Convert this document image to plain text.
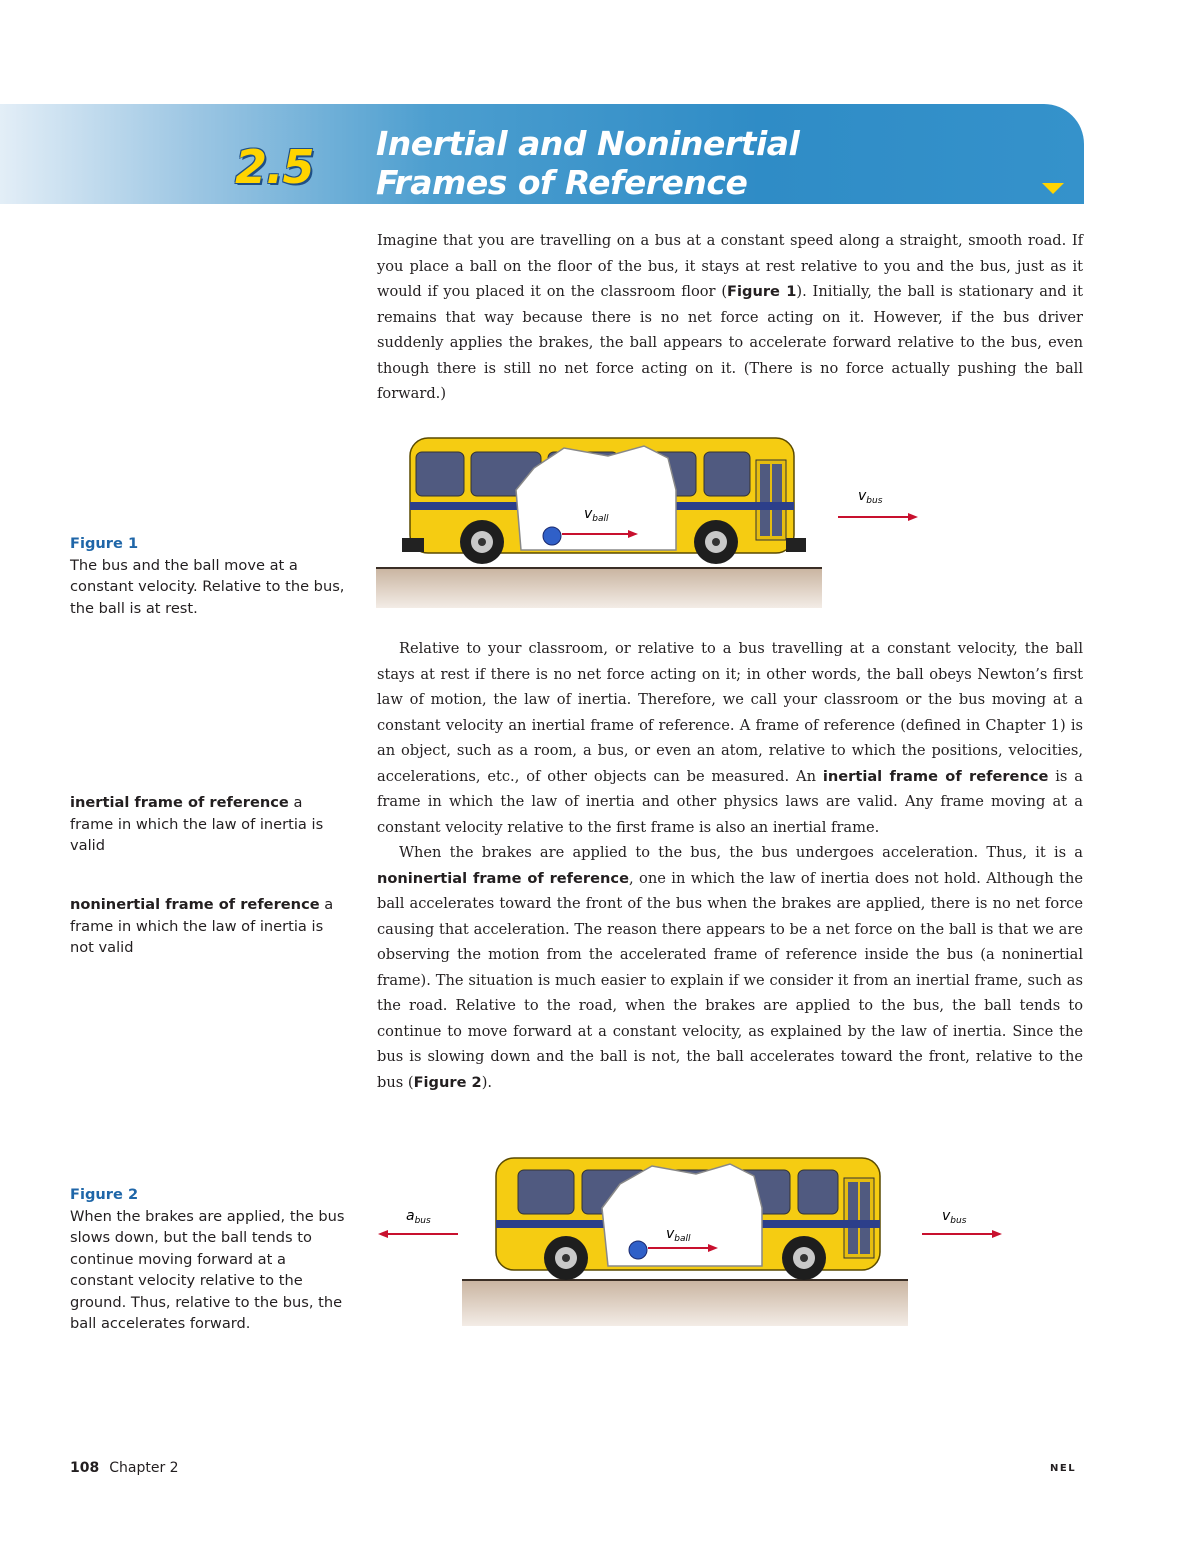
2.5 Inertial and Noninertial
Frames of Reference

Imagine that you are travelling on a bus at a constant speed along a straight, smooth road. If you place a ball on the floor of the bus, it stays at rest relative to you and the bus, just as it would if you placed it on the classroom floor (Figure 1). Initially, the ball is stationary and it remains that way because there is no net force acting on it. However, if the bus driver suddenly applies the brakes, the ball appears to accelerate forward relative to the bus, even though there is still no net force acting on it. (There is no force actually pushing the ball forward.)

$v_{ball}$
$v_{bus}$
Figure 1
The bus and the ball move at a constant velocity. Relative to the bus, the ball is at rest.

Relative to your classroom, or relative to a bus travelling at a constant velocity, the ball stays at rest if there is no net force acting on it; in other words, the ball obeys Newton’s first law of motion, the law of inertia. Therefore, we call your classroom or the bus moving at a constant velocity an inertial frame of reference. A frame of reference (defined in Chapter 1) is an object, such as a room, a bus, or even an atom, relative to which the positions, velocities, accelerations, etc., of other objects can be measured. An inertial frame of reference is a frame in which the law of inertia and other physics laws are valid. Any frame moving at a constant velocity relative to the first frame is also an inertial frame.

When the brakes are applied to the bus, the bus undergoes acceleration. Thus, it is a noninertial frame of reference, one in which the law of inertia does not hold. Although the ball accelerates toward the front of the bus when the brakes are applied, there is no net force causing that acceleration. The reason there appears to be a net force on the ball is that we are observing the motion from the accelerated frame of reference inside the bus (a noninertial frame). The situation is much easier to explain if we consider it from an inertial frame, such as the road. Relative to the road, when the brakes are applied to the bus, the ball tends to continue to move forward at a constant velocity, as explained by the law of inertia. Since the bus is slowing down and the ball is not, the ball accelerates toward the front, relative to the bus (Figure 2).

inertial frame of reference a frame in which the law of inertia is valid
noninertial frame of reference a frame in which the law of inertia is not valid
$v_{ball}$
$a_{bus}$	$v_{bus}$
Figure 2
When the brakes are applied, the bus slows down, but the ball tends to continue moving forward at a constant velocity relative to the ground. Thus, relative to the bus, the ball accelerates forward.
108 Chapter 2	NEL
